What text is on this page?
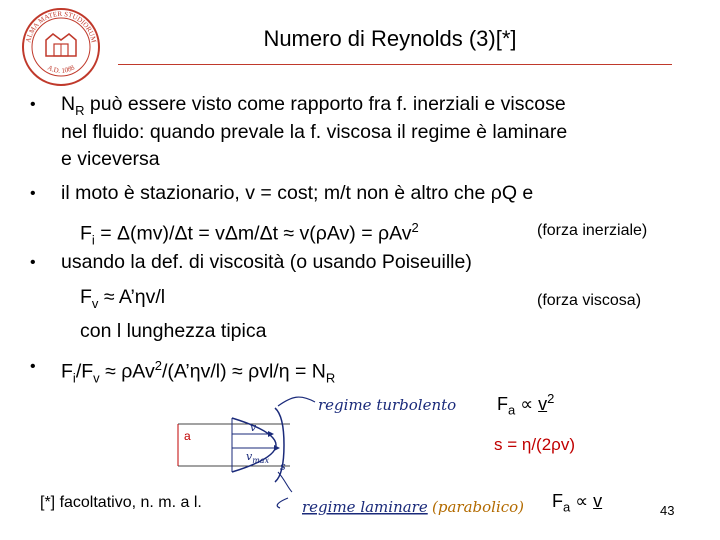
ALMA MATER STUDIORUM
A.D. 1088
Numero di Reynolds (3)[*]
• $N_R$ può essere visto come rapporto fra f. inerziali e viscose
nel fluido: quando prevale la f. viscosa il regime è laminare
e viceversa
• il moto è stazionario, v = cost; m/t non è altro che ρQ e
$F_i = \Delta(mv)/\Delta t = v\Delta m/\Delta t \approx v(\rho Av) = \rho Av^2$	(forza inerziale)
• usando la def. di viscosità (o usando Poiseuille)
$F_v$ ≈ A’ηv/l	(forza viscosa)
con l lunghezza tipica
• $F_i/F_v$ ≈ ρAv$^2$/(A’ηv/l) ≈ $\rho vl/\eta = N_R$
$F_a \propto v^2$
s = η/(2ρv)
$F_a \propto v$
a
regime turbolento
v
$v_{max}$ s
regime laminare (parabolico)
[*] facoltativo, n. m. a l.	43
